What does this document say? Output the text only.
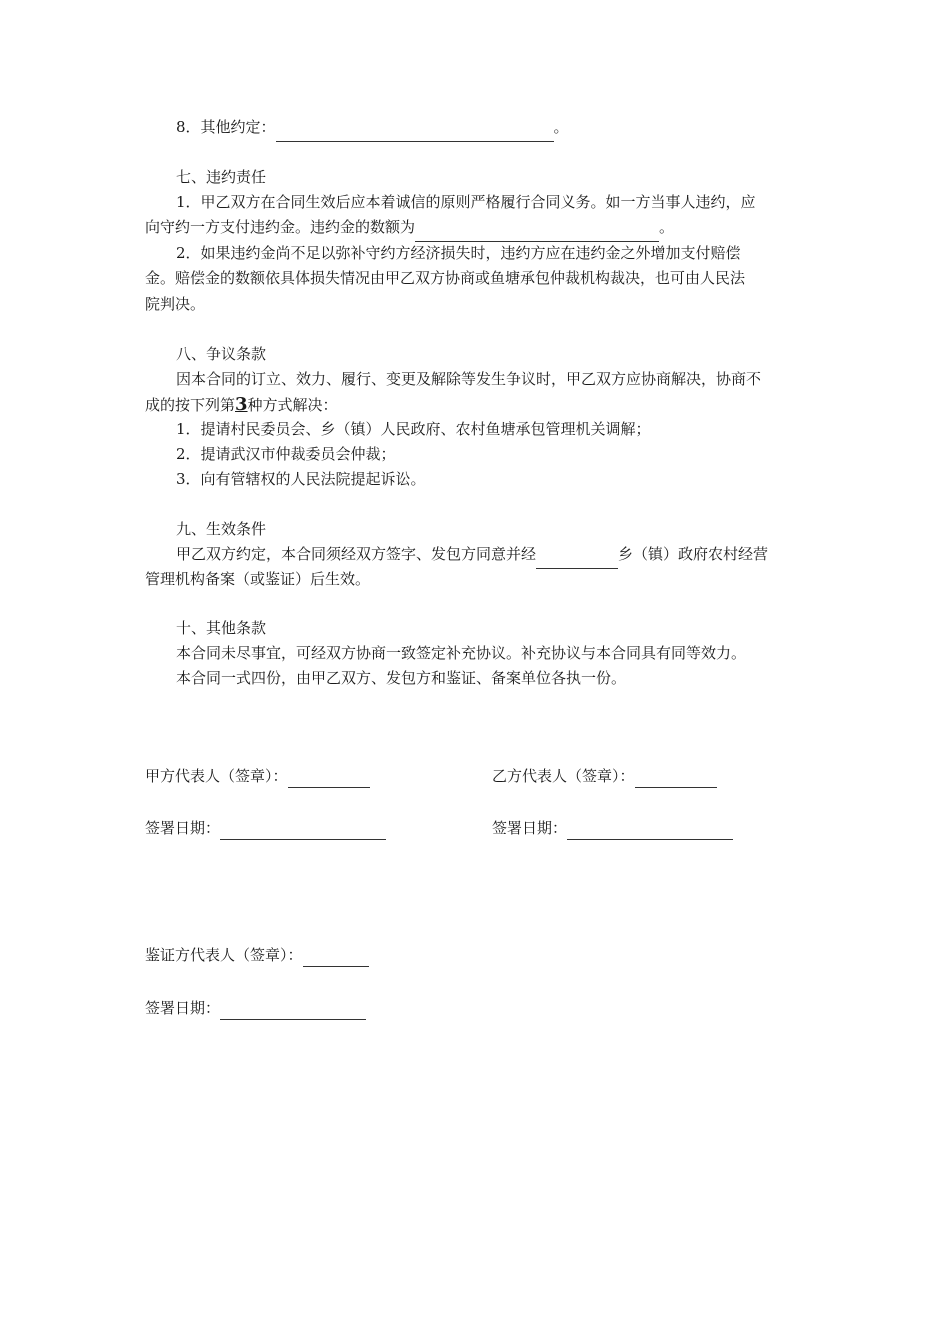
8．其他约定：	。
七、违约责任
1．甲乙双方在合同生效后应本着诚信的原则严格履行合同义务。如一方当事人违约，应
向守约一方支付违约金。违约金的数额为	。
2．如果违约金尚不足以弥补守约方经济损失时，违约方应在违约金之外增加支付赔偿
金。赔偿金的数额依具体损失情况由甲乙双方协商或鱼塘承包仲裁机构裁决，也可由人民法
院判决。
八、争议条款
因本合同的订立、效力、履行、变更及解除等发生争议时，甲乙双方应协商解决，协商不
成的按下列第3种方式解决：
1．提请村民委员会、乡（镇）人民政府、农村鱼塘承包管理机关调解；
2．提请武汉市仲裁委员会仲裁；
3．向有管辖权的人民法院提起诉讼。
九、生效条件
甲乙双方约定，本合同须经双方签字、发包方同意并经	乡（镇）政府农村经营
管理机构备案（或鉴证）后生效。
十、其他条款
本合同未尽事宜，可经双方协商一致签定补充协议。补充协议与本合同具有同等效力。
本合同一式四份，由甲乙双方、发包方和鉴证、备案单位各执一份。
甲方代表人（签章）：	乙方代表人（签章）：
签署日期：	签署日期：
鉴证方代表人（签章）：
签署日期：
